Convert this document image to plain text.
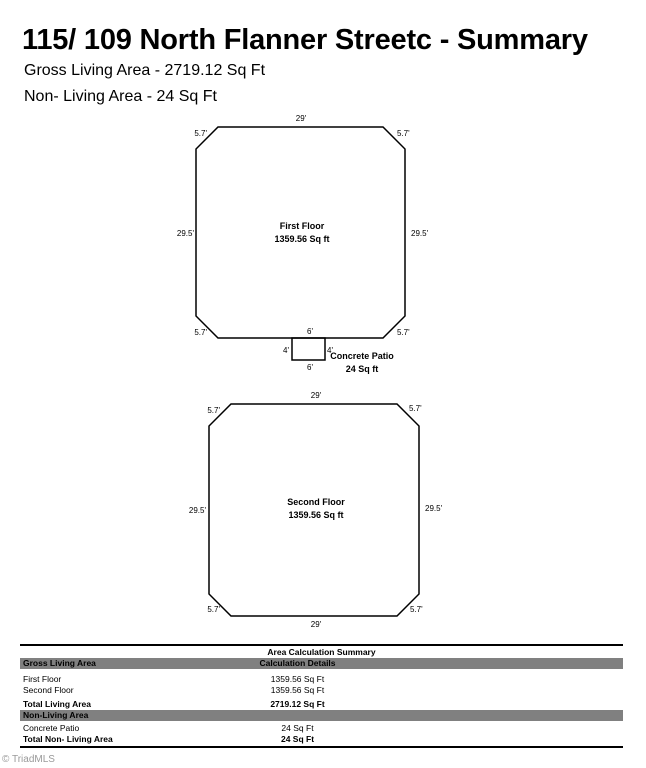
115/ 109 North Flanner Streetc - Summary
Gross Living Area - 2719.12 Sq Ft
Non- Living Area - 24 Sq Ft
29'
29.5'	29.5'
5.7'	5.7'
5.7'	5.7'
First Floor
1359.56 Sq ft
6'
4'	4'
6'
Concrete Patio
24 Sq ft
29'
29'
29.5'	29.5'
5.7'	5.7'
5.7'	5.7'
Second Floor
1359.56 Sq ft
Area Calculation Summary
Gross Living Area	Calculation Details
First Floor	1359.56 Sq Ft
Second Floor	1359.56 Sq Ft
Total Living Area	2719.12 Sq Ft
Non-Living Area
Concrete Patio	24 Sq Ft
Total Non- Living Area	24 Sq Ft
© TriadMLS
